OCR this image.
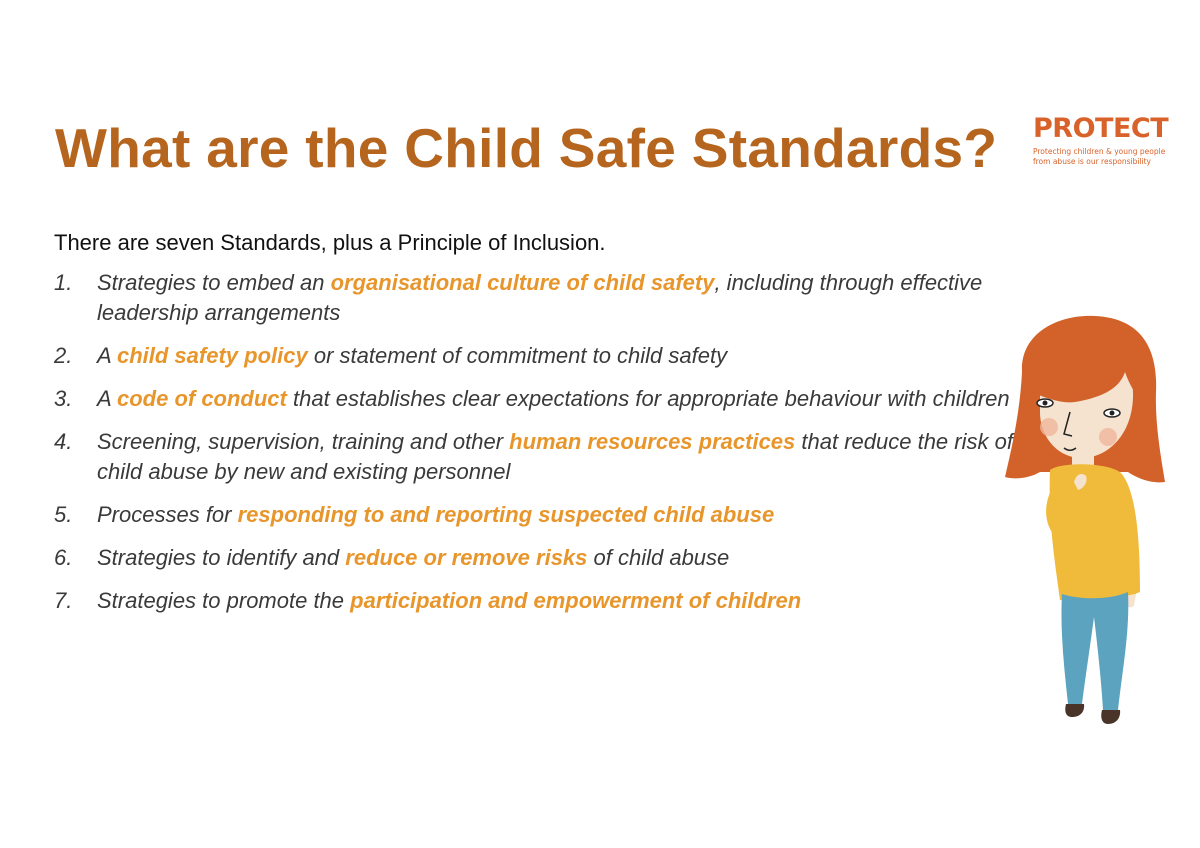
What are the Child Safe Standards? PROTECT
Protecting children & young people
from abuse is our responsibility

There are seven Standards, plus a Principle of Inclusion.

1. Strategies to embed an organisational culture of child safety, including through effective leadership arrangements
2. A child safety policy or statement of commitment to child safety
3. A code of conduct that establishes clear expectations for appropriate behaviour with children
4. Screening, supervision, training and other human resources practices that reduce the risk of child abuse by new and existing personnel
5. Processes for responding to and reporting suspected child abuse
6. Strategies to identify and reduce or remove risks of child abuse
7. Strategies to promote the participation and empowerment of children
